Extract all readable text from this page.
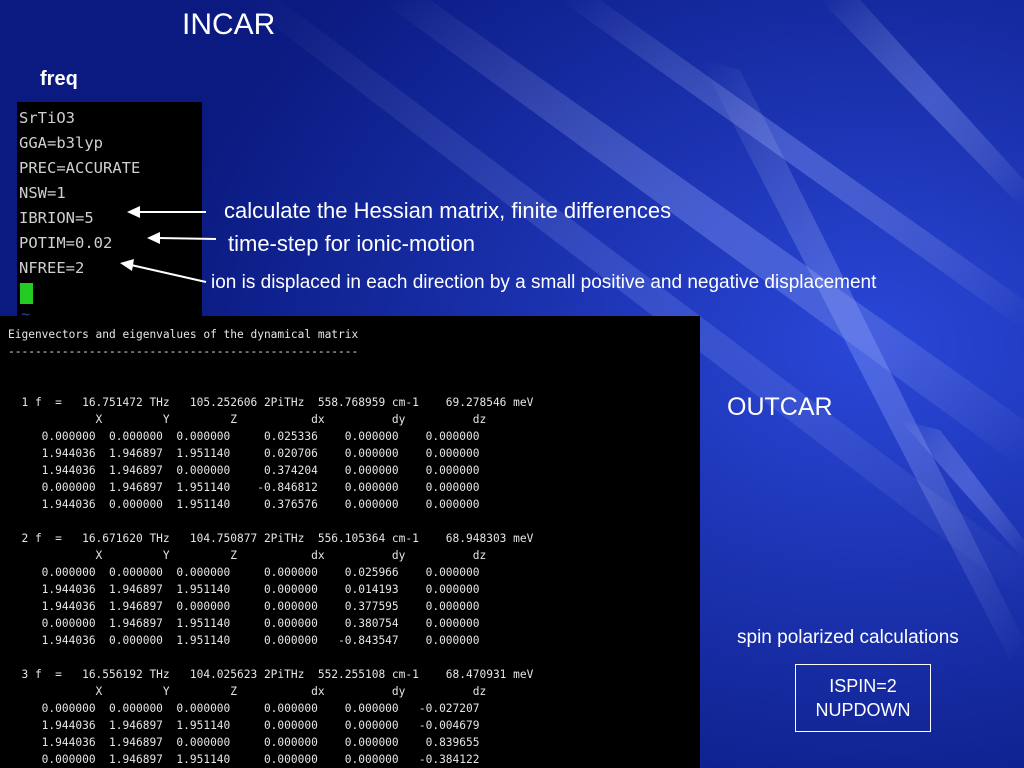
INCAR
freq
SrTiO3
GGA=b3lyp
PREC=ACCURATE
NSW=1
IBRION=5
POTIM=0.02
NFREE=2
~
calculate the Hessian matrix, finite differences
time-step for ionic-motion
ion is displaced in each direction by a small positive and negative displacement
Eigenvectors and eigenvalues of the dynamical matrix
----------------------------------------------------
1 f  =   16.751472 THz   105.252606 2PiTHz  558.768959 cm-1    69.278546 meV
X         Y         Z           dx          dy          dz
0.000000  0.000000  0.000000     0.025336    0.000000    0.000000
1.944036  1.946897  1.951140     0.020706    0.000000    0.000000
1.944036  1.946897  0.000000     0.374204    0.000000    0.000000
0.000000  1.946897  1.951140    -0.846812    0.000000    0.000000
1.944036  0.000000  1.951140     0.376576    0.000000    0.000000
2 f  =   16.671620 THz   104.750877 2PiTHz  556.105364 cm-1    68.948303 meV
X         Y         Z           dx          dy          dz
0.000000  0.000000  0.000000     0.000000    0.025966    0.000000
1.944036  1.946897  1.951140     0.000000    0.014193    0.000000
1.944036  1.946897  0.000000     0.000000    0.377595    0.000000
0.000000  1.946897  1.951140     0.000000    0.380754    0.000000
1.944036  0.000000  1.951140     0.000000   -0.843547    0.000000
3 f  =   16.556192 THz   104.025623 2PiTHz  552.255108 cm-1    68.470931 meV
X         Y         Z           dx          dy          dz
0.000000  0.000000  0.000000     0.000000    0.000000   -0.027207
1.944036  1.946897  1.951140     0.000000    0.000000   -0.004679
1.944036  1.946897  0.000000     0.000000    0.000000    0.839655
0.000000  1.946897  1.951140     0.000000    0.000000   -0.384122
OUTCAR
spin polarized calculations
ISPIN=2
NUPDOWN
